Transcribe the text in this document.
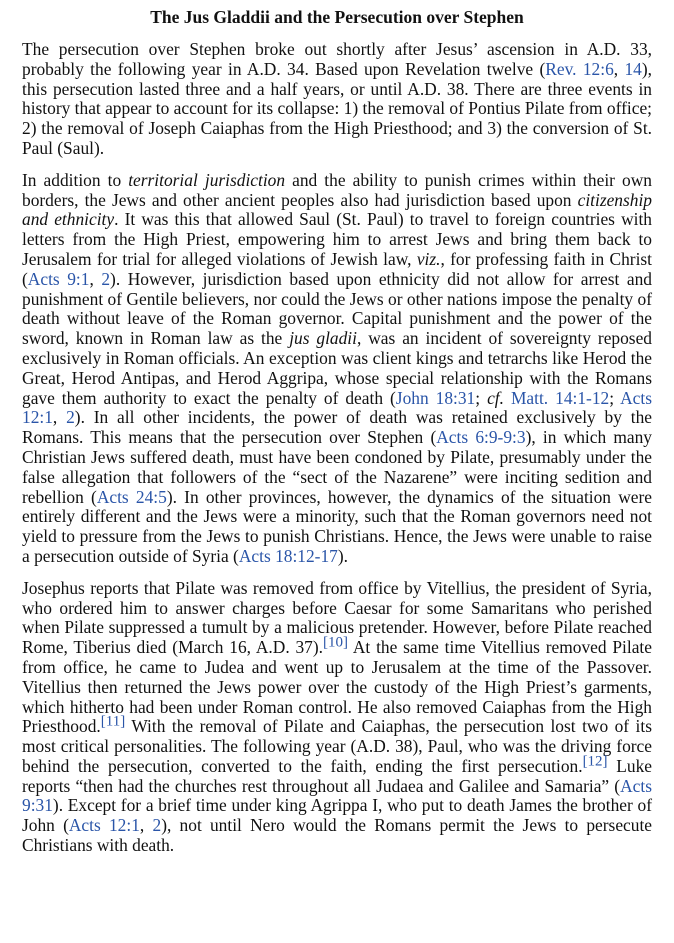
The Jus Gladdii and the Persecution over Stephen

The persecution over Stephen broke out shortly after Jesus’ ascension in A.D. 33, probably the following year in A.D. 34. Based upon Revelation twelve (Rev. 12:6, 14), this persecution lasted three and a half years, or until A.D. 38. There are three events in history that appear to account for its collapse: 1) the removal of Pontius Pilate from office; 2) the removal of Joseph Caiaphas from the High Priesthood; and 3) the conversion of St. Paul (Saul).

In addition to territorial jurisdiction and the ability to punish crimes within their own borders, the Jews and other ancient peoples also had jurisdiction based upon citizenship and ethnicity. It was this that allowed Saul (St. Paul) to travel to foreign countries with letters from the High Priest, empowering him to arrest Jews and bring them back to Jerusalem for trial for alleged violations of Jewish law, viz., for professing faith in Christ (Acts 9:1, 2). However, jurisdiction based upon ethnicity did not allow for arrest and punishment of Gentile believers, nor could the Jews or other nations impose the penalty of death without leave of the Roman governor. Capital punishment and the power of the sword, known in Roman law as the jus gladii, was an incident of sovereignty reposed exclusively in Roman officials. An exception was client kings and tetrarchs like Herod the Great, Herod Antipas, and Herod Aggripa, whose special relationship with the Romans gave them authority to exact the penalty of death (John 18:31; cf. Matt. 14:1-12; Acts 12:1, 2). In all other incidents, the power of death was retained exclusively by the Romans. This means that the persecution over Stephen (Acts 6:9-9:3), in which many Christian Jews suffered death, must have been condoned by Pilate, presumably under the false allegation that followers of the “sect of the Nazarene” were inciting sedition and rebellion (Acts 24:5). In other provinces, however, the dynamics of the situation were entirely different and the Jews were a minority, such that the Roman governors need not yield to pressure from the Jews to punish Christians. Hence, the Jews were unable to raise a persecution outside of Syria (Acts 18:12-17).

Josephus reports that Pilate was removed from office by Vitellius, the president of Syria, who ordered him to answer charges before Caesar for some Samaritans who perished when Pilate suppressed a tumult by a malicious pretender. However, before Pilate reached Rome, Tiberius died (March 16, A.D. 37).[10] At the same time Vitellius removed Pilate from office, he came to Judea and went up to Jerusalem at the time of the Passover. Vitellius then returned the Jews power over the custody of the High Priest’s garments, which hitherto had been under Roman control. He also removed Caiaphas from the High Priesthood.[11] With the removal of Pilate and Caiaphas, the persecution lost two of its most critical personalities. The following year (A.D. 38), Paul, who was the driving force behind the persecution, converted to the faith, ending the first persecution.[12] Luke reports “then had the churches rest throughout all Judaea and Galilee and Samaria” (Acts 9:31). Except for a brief time under king Agrippa I, who put to death James the brother of John (Acts 12:1, 2), not until Nero would the Romans permit the Jews to persecute Christians with death.
